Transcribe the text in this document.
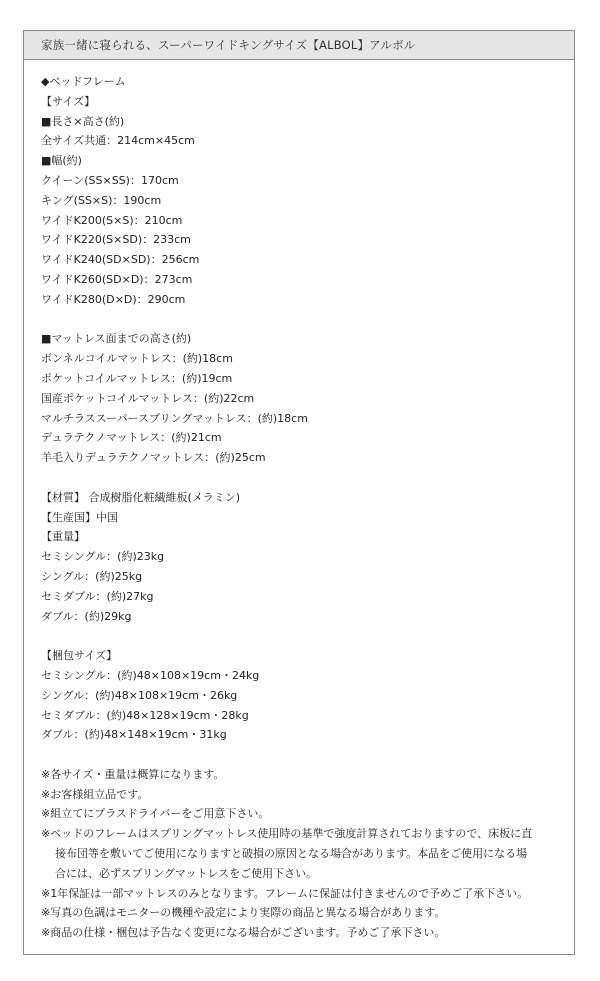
家族一緒に寝られる、スーパーワイドキングサイズ【ALBOL】アルボル
◆ベッドフレーム
【サイズ】
■長さ×高さ(約)
全サイズ共通：214cm×45cm
■幅(約)
クイーン(SS×SS)：170cm
キング(SS×S)：190cm
ワイドK200(S×S)：210cm
ワイドK220(S×SD)：233cm
ワイドK240(SD×SD)：256cm
ワイドK260(SD×D)：273cm
ワイドK280(D×D)：290cm
■マットレス面までの高さ(約)
ボンネルコイルマットレス：(約)18cm
ポケットコイルマットレス：(約)19cm
国産ポケットコイルマットレス：(約)22cm
マルチラススーパースプリングマットレス：(約)18cm
デュラテクノマットレス：(約)21cm
羊毛入りデュラテクノマットレス：(約)25cm
【材質】 合成樹脂化粧繊維板(メラミン)
【生産国】中国
【重量】
セミシングル：(約)23kg
シングル：(約)25kg
セミダブル：(約)27kg
ダブル：(約)29kg
【梱包サイズ】
セミシングル：(約)48×108×19cm・24kg
シングル：(約)48×108×19cm・26kg
セミダブル：(約)48×128×19cm・28kg
ダブル：(約)48×148×19cm・31kg
※各サイズ・重量は概算になります。
※お客様組立品です。
※組立てにプラスドライバーをご用意下さい。
※ベッドのフレームはスプリングマットレス使用時の基準で強度計算されておりますので、床板に直
接布団等を敷いてご使用になりますと破損の原因となる場合があります。本品をご使用になる場
合には、必ずスプリングマットレスをご使用下さい。
※1年保証は一部マットレスのみとなります。フレームに保証は付きませんので予めご了承下さい。
※写真の色調はモニターの機種や設定により実際の商品と異なる場合があります。
※商品の仕様・梱包は予告なく変更になる場合がございます。予めご了承下さい。
